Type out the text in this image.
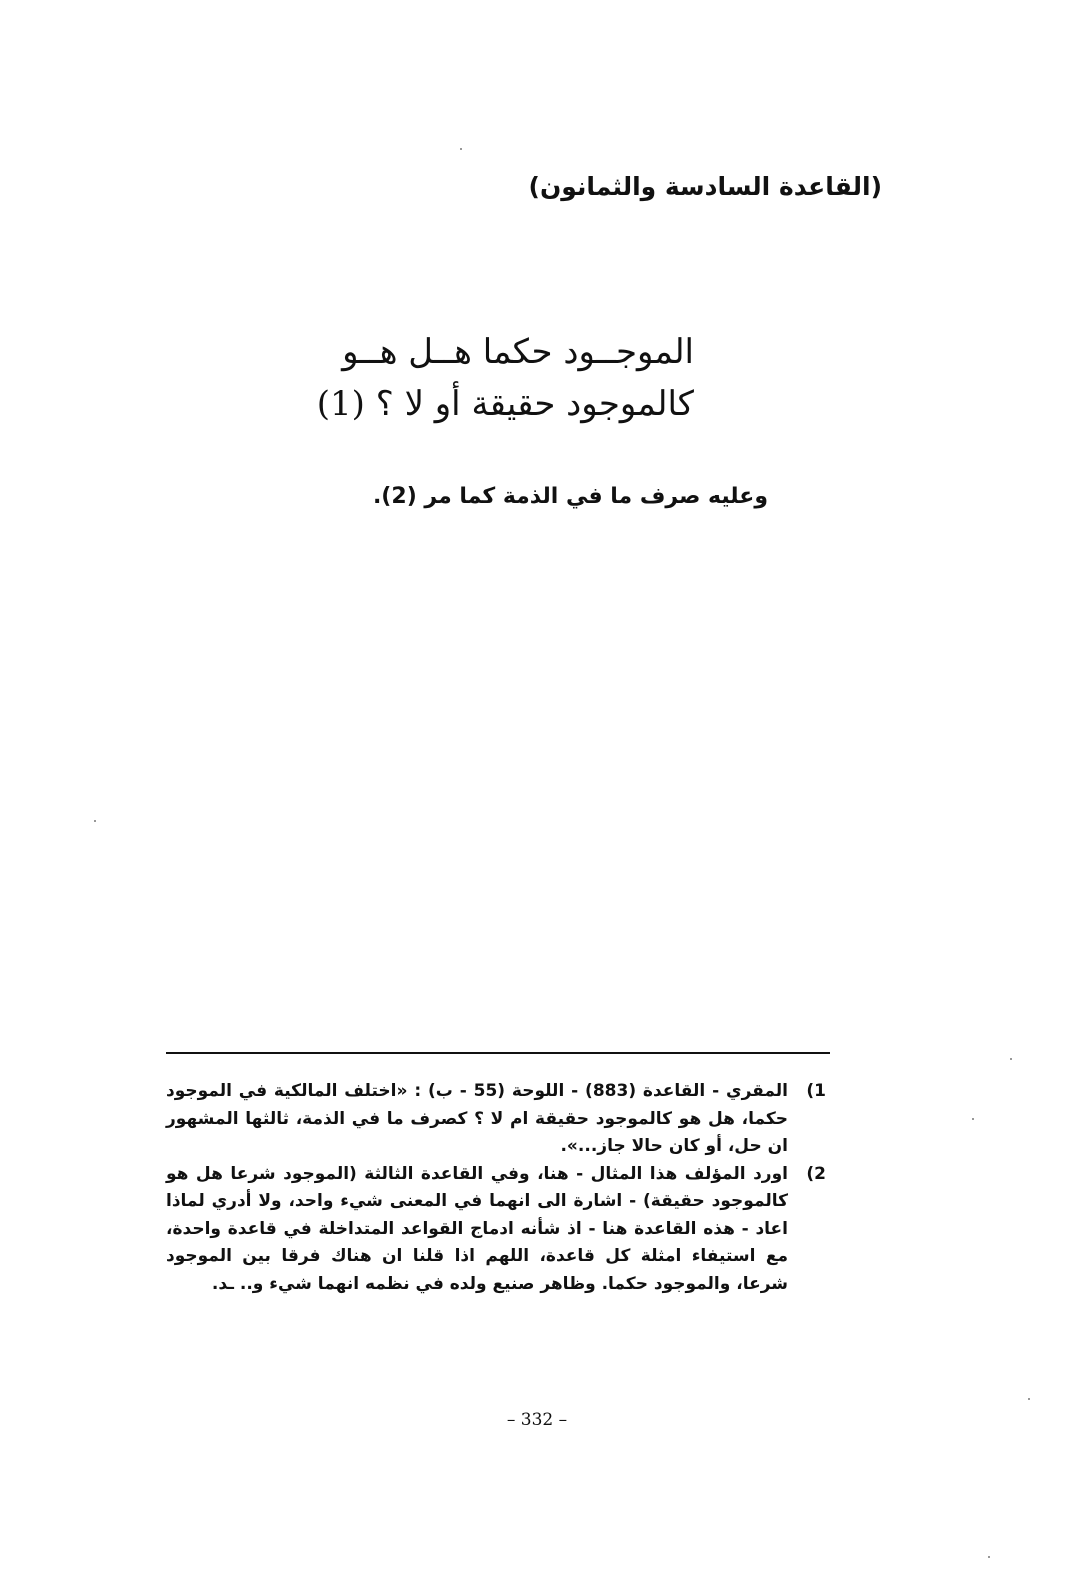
(القاعدة السادسة والثمانون)
الموجــود حكما هــل هــو
كالموجود حقيقة أو لا ؟ (1)
وعليه صرف ما في الذمة كما مر (2).
(1
المقري - القاعدة (883) - اللوحة (55 - ب) : «اختلف المالكية في الموجود حكما، هل هو كالموجود حقيقة ام لا ؟ كصرف ما في الذمة، ثالثها المشهور ان حل، أو كان حالا جاز...».
(2
اورد المؤلف هذا المثال - هنا، وفي القاعدة الثالثة (الموجود شرعا هل هو كالموجود حقيقة) - اشارة الى انهما في المعنى شيء واحد، ولا أدري لماذا اعاد - هذه القاعدة هنا - اذ شأنه ادماج القواعد المتداخلة في قاعدة واحدة، مع استيفاء امثلة كل قاعدة، اللهم اذا قلنا ان هناك فرقا بين الموجود شرعا، والموجود حكما. وظاهر صنيع ولده في نظمه انهما شيء و.. ـد.
– 332 –
